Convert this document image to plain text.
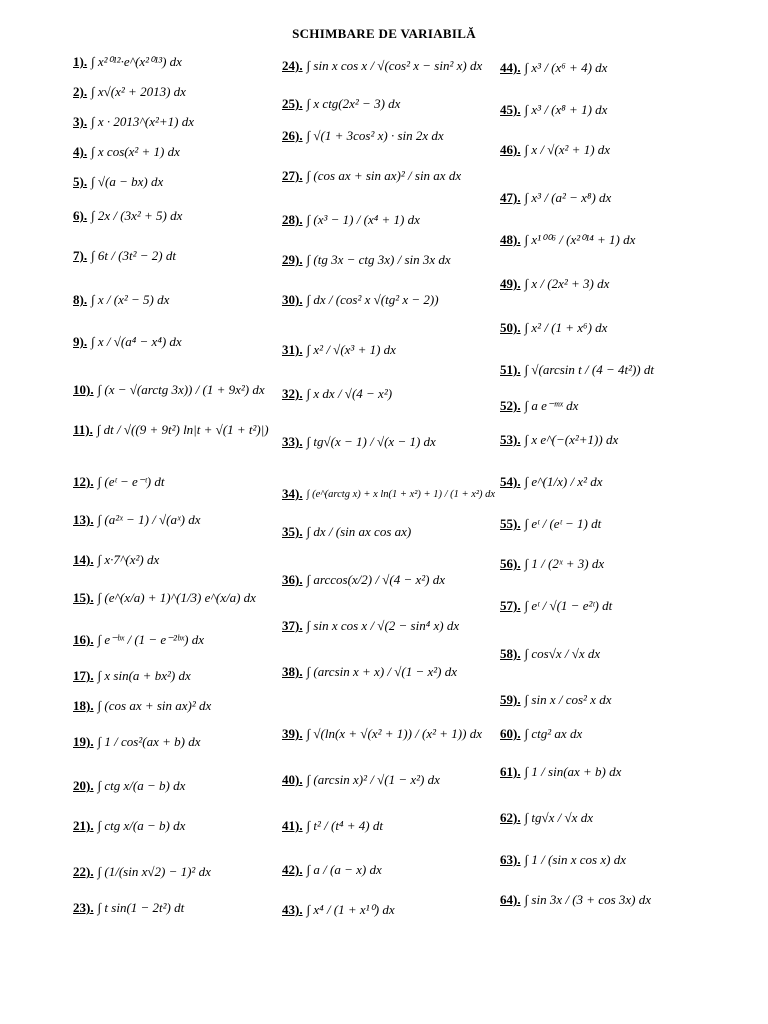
SCHIMBARE DE VARIABILĂ
1). ∫ x²⁰¹²·e^(x²⁰¹³) dx
2). ∫ x√(x² + 2013) dx
3). ∫ x · 2013^(x²+1) dx
4). ∫ x cos(x² + 1) dx
5). ∫ √(a − bx) dx
6). ∫ 2x / (3x² + 5) dx
7). ∫ 6t / (3t² − 2) dt
8). ∫ x / (x² − 5) dx
9). ∫ x / √(a⁴ − x⁴) dx
10). ∫ (x − √(arctg 3x)) / (1 + 9x²) dx
11). ∫ dt / √((9 + 9t²) ln|t + √(1 + t²)|)
12). ∫ (eᵗ − e⁻ᵗ) dt
13). ∫ (a²ˣ − 1) / √(aˣ) dx
14). ∫ x·7^(x²) dx
15). ∫ (e^(x/a) + 1)^(1/3) e^(x/a) dx
16). ∫ e⁻ᵇˣ / (1 − e⁻²ᵇˣ) dx
17). ∫ x sin(a + bx²) dx
18). ∫ (cos ax + sin ax)² dx
19). ∫ 1 / cos²(ax + b) dx
20). ∫ ctg x/(a − b) dx
21). ∫ ctg x/(a − b) dx
22). ∫ (1/(sin x√2) − 1)² dx
23). ∫ t sin(1 − 2t²) dt
24). ∫ sin x cos x / √(cos² x − sin² x) dx
25). ∫ x ctg(2x² − 3) dx
26). ∫ √(1 + 3cos² x) · sin 2x dx
27). ∫ (cos ax + sin ax)² / sin ax dx
28). ∫ (x³ − 1) / (x⁴ + 1) dx
29). ∫ (tg 3x − ctg 3x) / sin 3x dx
30). ∫ dx / (cos² x √(tg² x − 2))
31). ∫ x² / √(x³ + 1) dx
32). ∫ x dx / √(4 − x²)
33). ∫ tg√(x − 1) / √(x − 1) dx
34). ∫ (e^(arctg x) + x ln(1 + x²) + 1) / (1 + x²) dx
35). ∫ dx / (sin ax cos ax)
36). ∫ arccos(x/2) / √(4 − x²) dx
37). ∫ sin x cos x / √(2 − sin⁴ x) dx
38). ∫ (arcsin x + x) / √(1 − x²) dx
39). ∫ √(ln(x + √(x² + 1)) / (x² + 1)) dx
40). ∫ (arcsin x)² / √(1 − x²) dx
41). ∫ t² / (t⁴ + 4) dt
42). ∫ a / (a − x) dx
43). ∫ x⁴ / (1 + x¹⁰) dx
44). ∫ x³ / (x⁶ + 4) dx
45). ∫ x³ / (x⁸ + 1) dx
46). ∫ x / √(x² + 1) dx
47). ∫ x³ / (a² − x⁸) dx
48). ∫ x¹⁰⁰⁶ / (x²⁰¹⁴ + 1) dx
49). ∫ x / (2x² + 3) dx
50). ∫ x² / (1 + x⁶) dx
51). ∫ √(arcsin t / (4 − 4t²)) dt
52). ∫ a e⁻ᵐˣ dx
53). ∫ x e^(−(x²+1)) dx
54). ∫ e^(1/x) / x² dx
55). ∫ eᵗ / (eᵗ − 1) dt
56). ∫ 1 / (2ˣ + 3) dx
57). ∫ eᵗ / √(1 − e²ᵗ) dt
58). ∫ cos√x / √x dx
59). ∫ sin x / cos² x dx
60). ∫ ctg² ax dx
61). ∫ 1 / sin(ax + b) dx
62). ∫ tg√x / √x dx
63). ∫ 1 / (sin x cos x) dx
64). ∫ sin 3x / (3 + cos 3x) dx
